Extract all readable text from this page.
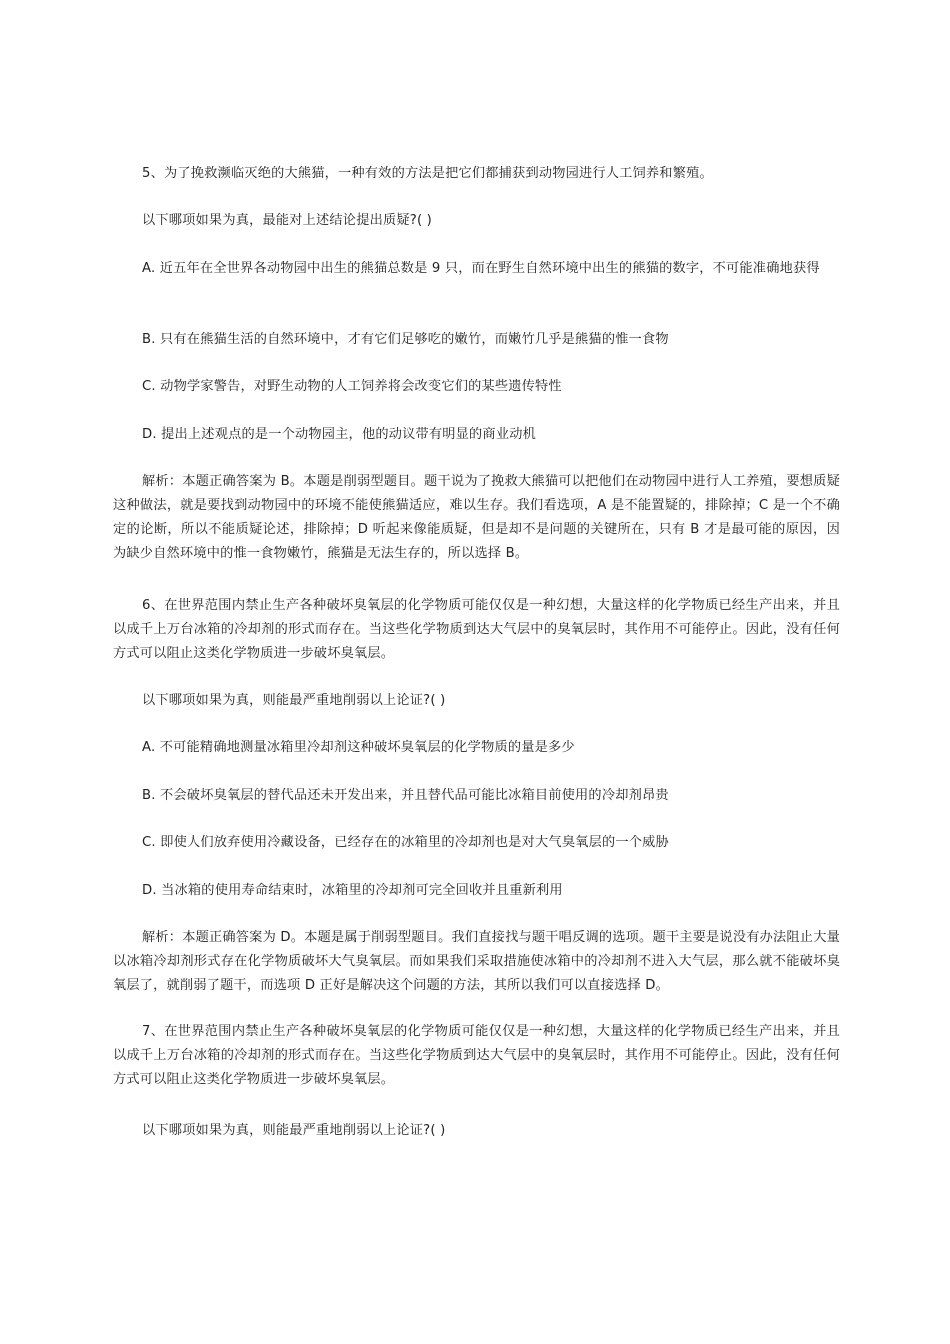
5、为了挽救濒临灭绝的大熊猫，一种有效的方法是把它们都捕获到动物园进行人工饲养和繁殖。

以下哪项如果为真，最能对上述结论提出质疑?( )

A. 近五年在全世界各动物园中出生的熊猫总数是 9 只，而在野生自然环境中出生的熊猫的数字，不可能准确地获得

B. 只有在熊猫生活的自然环境中，才有它们足够吃的嫩竹，而嫩竹几乎是熊猫的惟一食物

C. 动物学家警告，对野生动物的人工饲养将会改变它们的某些遗传特性

D. 提出上述观点的是一个动物园主，他的动议带有明显的商业动机

解析：本题正确答案为 B。本题是削弱型题目。题干说为了挽救大熊猫可以把他们在动物园中进行人工养殖，要想质疑这种做法，就是要找到动物园中的环境不能使熊猫适应，难以生存。我们看选项，A 是不能置疑的，排除掉；C 是一个不确定的论断，所以不能质疑论述，排除掉；D 听起来像能质疑，但是却不是问题的关键所在，只有 B 才是最可能的原因，因为缺少自然环境中的惟一食物嫩竹，熊猫是无法生存的，所以选择 B。

6、在世界范围内禁止生产各种破坏臭氧层的化学物质可能仅仅是一种幻想，大量这样的化学物质已经生产出来，并且以成千上万台冰箱的冷却剂的形式而存在。当这些化学物质到达大气层中的臭氧层时，其作用不可能停止。因此，没有任何方式可以阻止这类化学物质进一步破坏臭氧层。

以下哪项如果为真，则能最严重地削弱以上论证?( )

A. 不可能精确地测量冰箱里冷却剂这种破坏臭氧层的化学物质的量是多少

B. 不会破坏臭氧层的替代品还未开发出来，并且替代品可能比冰箱目前使用的冷却剂昂贵

C. 即使人们放弃使用冷藏设备，已经存在的冰箱里的冷却剂也是对大气臭氧层的一个威胁

D. 当冰箱的使用寿命结束时，冰箱里的冷却剂可完全回收并且重新利用

解析：本题正确答案为 D。本题是属于削弱型题目。我们直接找与题干唱反调的选项。题干主要是说没有办法阻止大量以冰箱冷却剂形式存在化学物质破坏大气臭氧层。而如果我们采取措施使冰箱中的冷却剂不进入大气层，那么就不能破坏臭氧层了，就削弱了题干，而选项 D 正好是解决这个问题的方法，其所以我们可以直接选择 D。

7、在世界范围内禁止生产各种破坏臭氧层的化学物质可能仅仅是一种幻想，大量这样的化学物质已经生产出来，并且以成千上万台冰箱的冷却剂的形式而存在。当这些化学物质到达大气层中的臭氧层时，其作用不可能停止。因此，没有任何方式可以阻止这类化学物质进一步破坏臭氧层。

以下哪项如果为真，则能最严重地削弱以上论证?( )
